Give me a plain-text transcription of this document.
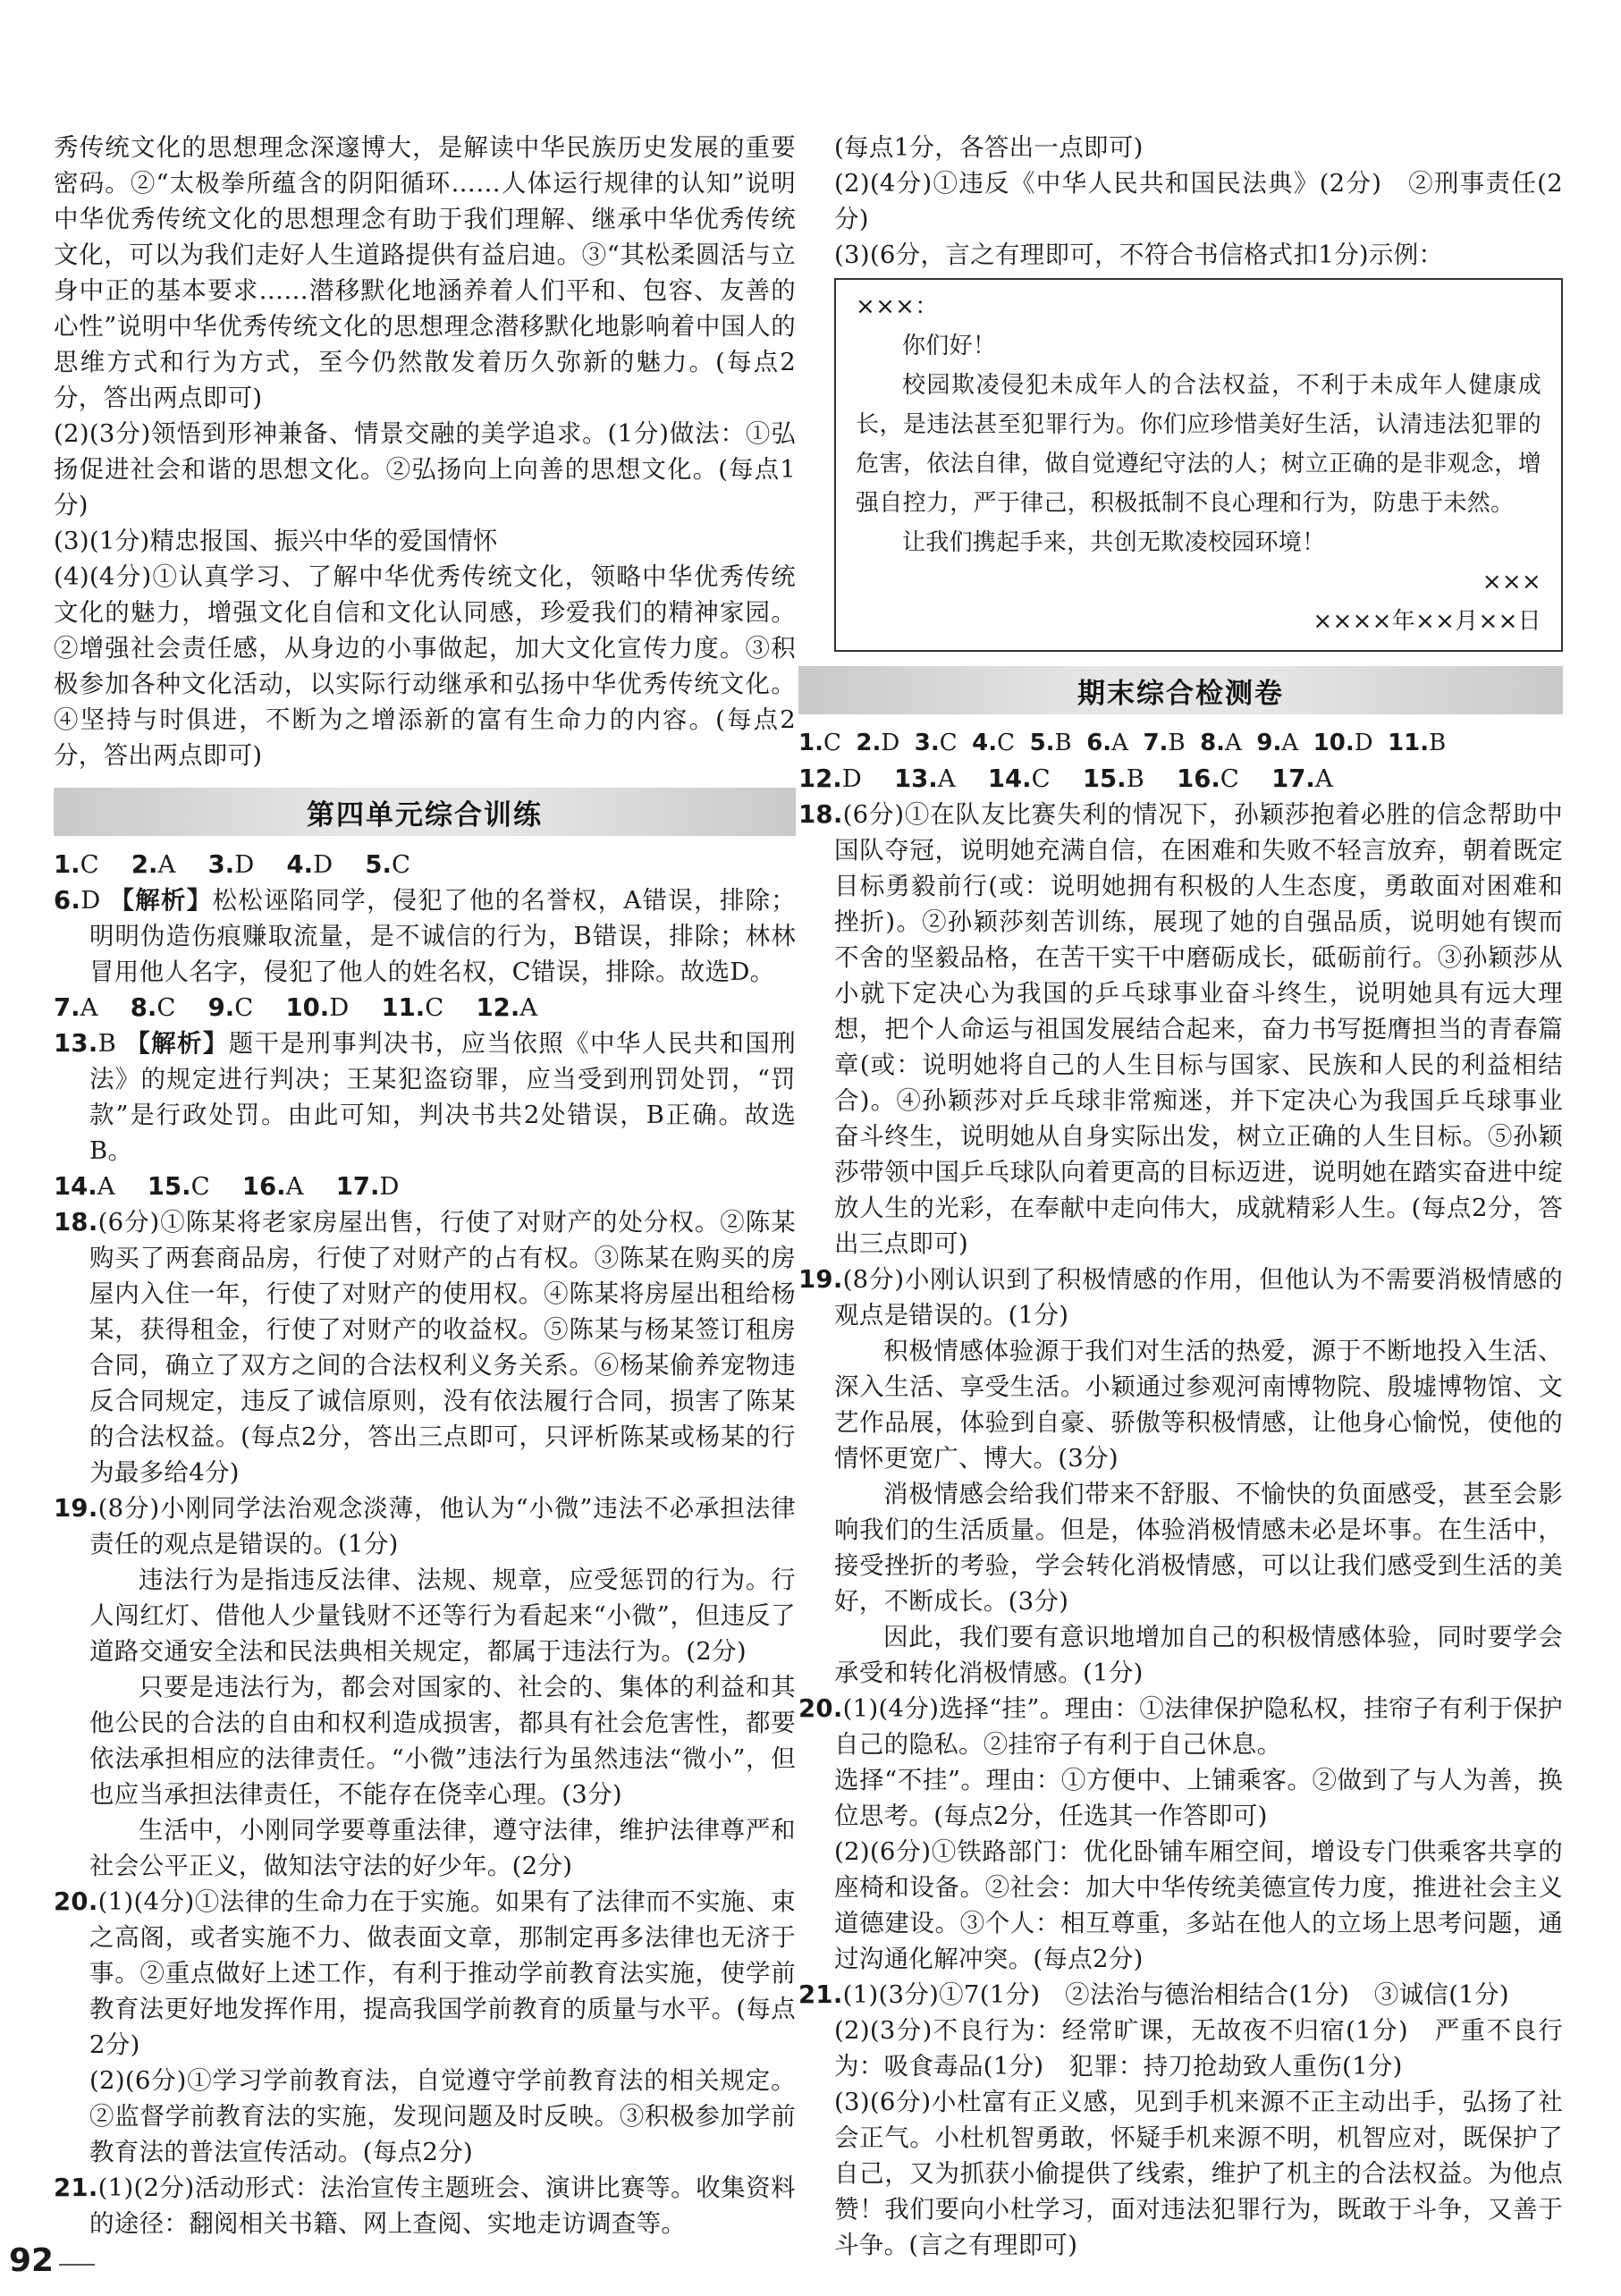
秀传统文化的思想理念深邃博大，是解读中华民族历史发展的重要密码。②“太极拳所蕴含的阴阳循环……人体运行规律的认知”说明中华优秀传统文化的思想理念有助于我们理解、继承中华优秀传统文化，可以为我们走好人生道路提供有益启迪。③“其松柔圆活与立身中正的基本要求……潜移默化地涵养着人们平和、包容、友善的心性”说明中华优秀传统文化的思想理念潜移默化地影响着中国人的思维方式和行为方式，至今仍然散发着历久弥新的魅力。(每点2分，答出两点即可)

(2)(3分)领悟到形神兼备、情景交融的美学追求。(1分)做法：①弘扬促进社会和谐的思想文化。②弘扬向上向善的思想文化。(每点1分)

(3)(1分)精忠报国、振兴中华的爱国情怀

(4)(4分)①认真学习、了解中华优秀传统文化，领略中华优秀传统文化的魅力，增强文化自信和文化认同感，珍爱我们的精神家园。②增强社会责任感，从身边的小事做起，加大文化宣传力度。③积极参加各种文化活动，以实际行动继承和弘扬中华优秀传统文化。④坚持与时俱进，不断为之增添新的富有生命力的内容。(每点2分，答出两点即可)

第四单元综合训练

1.C　 2.A　 3.D　 4.D　 5.C

6.D 【解析】松松诬陷同学，侵犯了他的名誉权，A错误，排除；明明伪造伤痕赚取流量，是不诚信的行为，B错误，排除；林林冒用他人名字，侵犯了他人的姓名权，C错误，排除。故选D。

7.A　 8.C　 9.C　 10.D　 11.C　 12.A

13.B 【解析】题干是刑事判决书，应当依照《中华人民共和国刑法》的规定进行判决；王某犯盗窃罪，应当受到刑罚处罚，“罚款”是行政处罚。由此可知，判决书共2处错误，B正确。故选B。

14.A　 15.C　 16.A　 17.D

18.(6分)①陈某将老家房屋出售，行使了对财产的处分权。②陈某购买了两套商品房，行使了对财产的占有权。③陈某在购买的房屋内入住一年，行使了对财产的使用权。④陈某将房屋出租给杨某，获得租金，行使了对财产的收益权。⑤陈某与杨某签订租房合同，确立了双方之间的合法权利义务关系。⑥杨某偷养宠物违反合同规定，违反了诚信原则，没有依法履行合同，损害了陈某的合法权益。(每点2分，答出三点即可，只评析陈某或杨某的行为最多给4分)

19.(8分)小刚同学法治观念淡薄，他认为“小微”违法不必承担法律责任的观点是错误的。(1分)

违法行为是指违反法律、法规、规章，应受惩罚的行为。行人闯红灯、借他人少量钱财不还等行为看起来“小微”，但违反了道路交通安全法和民法典相关规定，都属于违法行为。(2分)

只要是违法行为，都会对国家的、社会的、集体的利益和其他公民的合法的自由和权利造成损害，都具有社会危害性，都要依法承担相应的法律责任。“小微”违法行为虽然违法“微小”，但也应当承担法律责任，不能存在侥幸心理。(3分)

生活中，小刚同学要尊重法律，遵守法律，维护法律尊严和社会公平正义，做知法守法的好少年。(2分)

20.(1)(4分)①法律的生命力在于实施。如果有了法律而不实施、束之高阁，或者实施不力、做表面文章，那制定再多法律也无济于事。②重点做好上述工作，有利于推动学前教育法实施，使学前教育法更好地发挥作用，提高我国学前教育的质量与水平。(每点2分)

(2)(6分)①学习学前教育法，自觉遵守学前教育法的相关规定。②监督学前教育法的实施，发现问题及时反映。③积极参加学前教育法的普法宣传活动。(每点2分)

21.(1)(2分)活动形式：法治宣传主题班会、演讲比赛等。收集资料的途径：翻阅相关书籍、网上查阅、实地走访调查等。

(每点1分，各答出一点即可)

(2)(4分)①违反《中华人民共和国民法典》(2分)　②刑事责任(2分)

(3)(6分，言之有理即可，不符合书信格式扣1分)示例：

×××：

你们好！

校园欺凌侵犯未成年人的合法权益，不利于未成年人健康成长，是违法甚至犯罪行为。你们应珍惜美好生活，认清违法犯罪的危害，依法自律，做自觉遵纪守法的人；树立正确的是非观念，增强自控力，严于律己，积极抵制不良心理和行为，防患于未然。

让我们携起手来，共创无欺凌校园环境！

×××

××××年××月××日

期末综合检测卷

1.C 2.D 3.C 4.C 5.B 6.A 7.B 8.A 9.A 10.D 11.B

12.D　 13.A　 14.C　 15.B　 16.C　 17.A

18.(6分)①在队友比赛失利的情况下，孙颖莎抱着必胜的信念帮助中国队夺冠，说明她充满自信，在困难和失败不轻言放弃，朝着既定目标勇毅前行(或：说明她拥有积极的人生态度，勇敢面对困难和挫折)。②孙颖莎刻苦训练，展现了她的自强品质，说明她有锲而不舍的坚毅品格，在苦干实干中磨砺成长，砥砺前行。③孙颖莎从小就下定决心为我国的乒乓球事业奋斗终生，说明她具有远大理想，把个人命运与祖国发展结合起来，奋力书写挺膺担当的青春篇章(或：说明她将自己的人生目标与国家、民族和人民的利益相结合)。④孙颖莎对乒乓球非常痴迷，并下定决心为我国乒乓球事业奋斗终生，说明她从自身实际出发，树立正确的人生目标。⑤孙颖莎带领中国乒乓球队向着更高的目标迈进，说明她在踏实奋进中绽放人生的光彩，在奉献中走向伟大，成就精彩人生。(每点2分，答出三点即可)

19.(8分)小刚认识到了积极情感的作用，但他认为不需要消极情感的观点是错误的。(1分)

积极情感体验源于我们对生活的热爱，源于不断地投入生活、深入生活、享受生活。小颖通过参观河南博物院、殷墟博物馆、文艺作品展，体验到自豪、骄傲等积极情感，让他身心愉悦，使他的情怀更宽广、博大。(3分)

消极情感会给我们带来不舒服、不愉快的负面感受，甚至会影响我们的生活质量。但是，体验消极情感未必是坏事。在生活中，接受挫折的考验，学会转化消极情感，可以让我们感受到生活的美好，不断成长。(3分)

因此，我们要有意识地增加自己的积极情感体验，同时要学会承受和转化消极情感。(1分)

20.(1)(4分)选择“挂”。理由：①法律保护隐私权，挂帘子有利于保护自己的隐私。②挂帘子有利于自己休息。

选择“不挂”。理由：①方便中、上铺乘客。②做到了与人为善，换位思考。(每点2分，任选其一作答即可)

(2)(6分)①铁路部门：优化卧铺车厢空间，增设专门供乘客共享的座椅和设备。②社会：加大中华传统美德宣传力度，推进社会主义道德建设。③个人：相互尊重，多站在他人的立场上思考问题，通过沟通化解冲突。(每点2分)

21.(1)(3分)①7(1分)　②法治与德治相结合(1分)　③诚信(1分)

(2)(3分)不良行为：经常旷课，无故夜不归宿(1分)　严重不良行为：吸食毒品(1分)　犯罪：持刀抢劫致人重伤(1分)

(3)(6分)小杜富有正义感，见到手机来源不正主动出手，弘扬了社会正气。小杜机智勇敢，怀疑手机来源不明，机智应对，既保护了自己，又为抓获小偷提供了线索，维护了机主的合法权益。为他点赞！我们要向小杜学习，面对违法犯罪行为，既敢于斗争，又善于斗争。(言之有理即可)

92
